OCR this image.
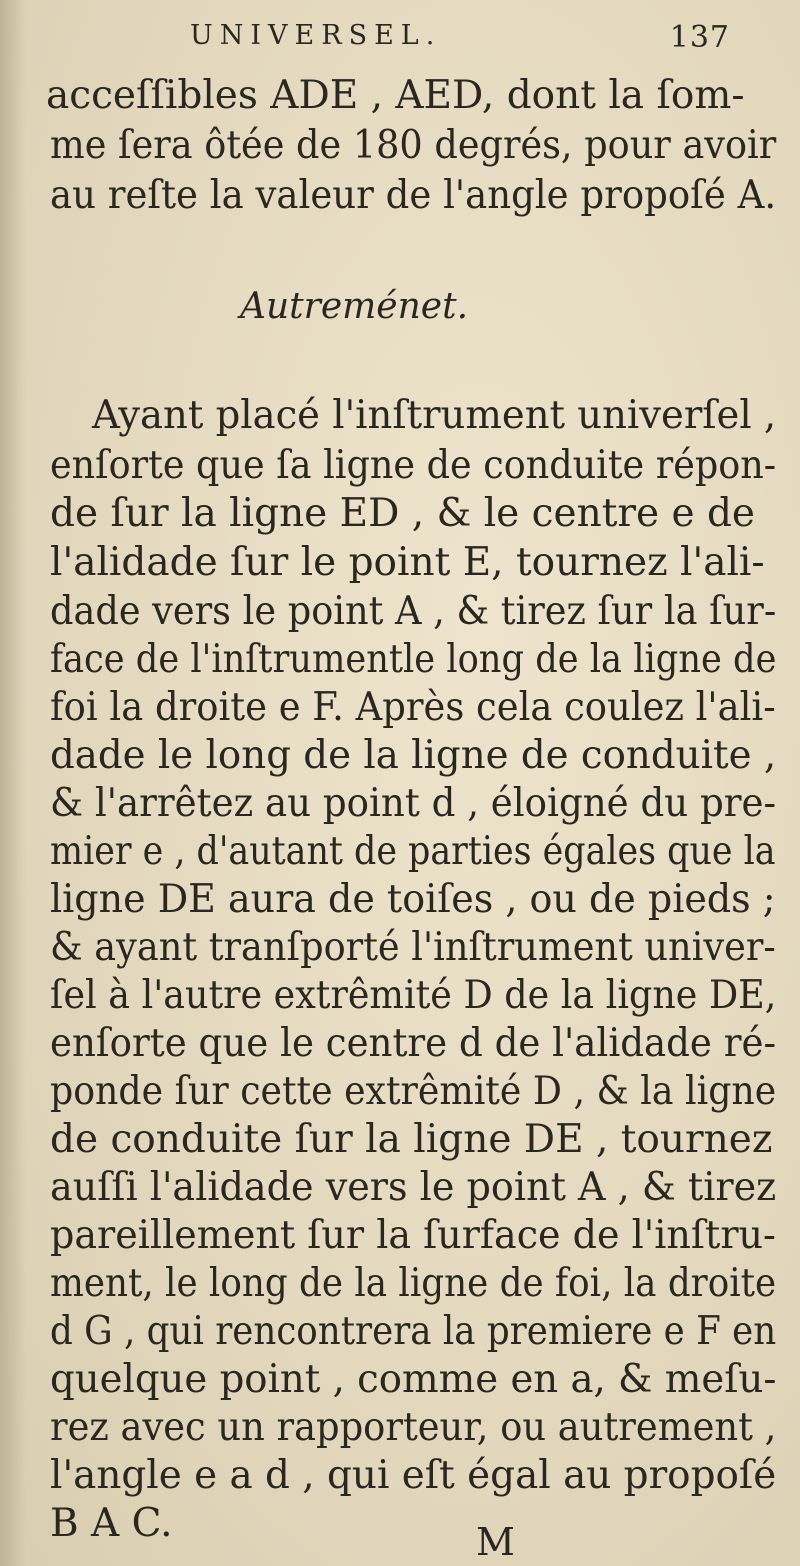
UNIVERSEL.	137
acceſſibles ADE , AED, dont la ſom-
me ſera ôtée de 180 degrés, pour avoir
au reſte la valeur de l'angle propoſé A.
Autreménet.
Ayant placé l'inſtrument univerſel ,
enſorte que ſa ligne de conduite répon-
de ſur la ligne ED , & le centre e de
l'alidade ſur le point E, tournez l'ali-
dade vers le point A , & tirez ſur la ſur-
face de l'inſtrumentle long de la ligne de
foi la droite e F. Après cela coulez l'ali-
dade le long de la ligne de conduite ,
& l'arrêtez au point d , éloigné du pre-
mier e , d'autant de parties égales que la
ligne DE aura de toiſes , ou de pieds ;
& ayant tranſporté l'inſtrument univer-
ſel à l'autre extrêmité D de la ligne DE,
enſorte que le centre d de l'alidade ré-
ponde ſur cette extrêmité D , & la ligne
de conduite ſur la ligne DE , tournez
auſſi l'alidade vers le point A , & tirez
pareillement ſur la ſurface de l'inſtru-
ment, le long de la ligne de foi, la droite
d G , qui rencontrera la premiere e F en
quelque point , comme en a, & meſu-
rez avec un rapporteur, ou autrement ,
l'angle e a d , qui eſt égal au propoſé
B A C.	M
